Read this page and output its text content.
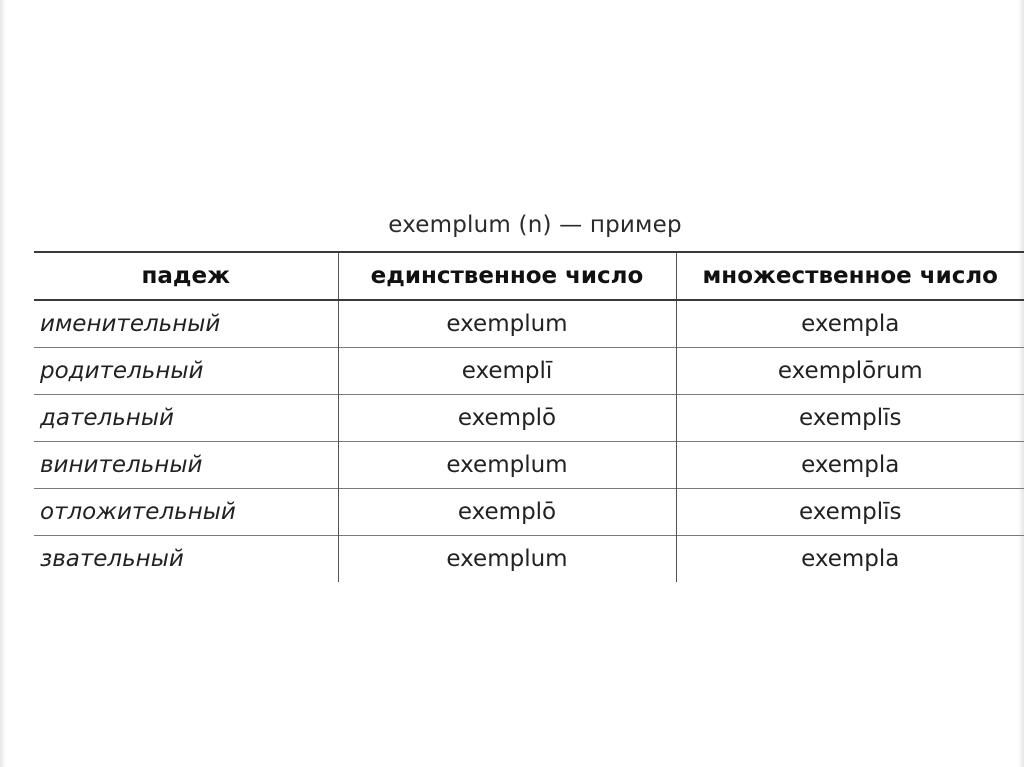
exemplum (n) — пример
падеж	единственное число	множественное число
именительный	exemplum	exempla
родительный	exemplī	exemplōrum
дательный	exemplō	exemplīs
винительный	exemplum	exempla
отложительный	exemplō	exemplīs
звательный	exemplum	exempla
